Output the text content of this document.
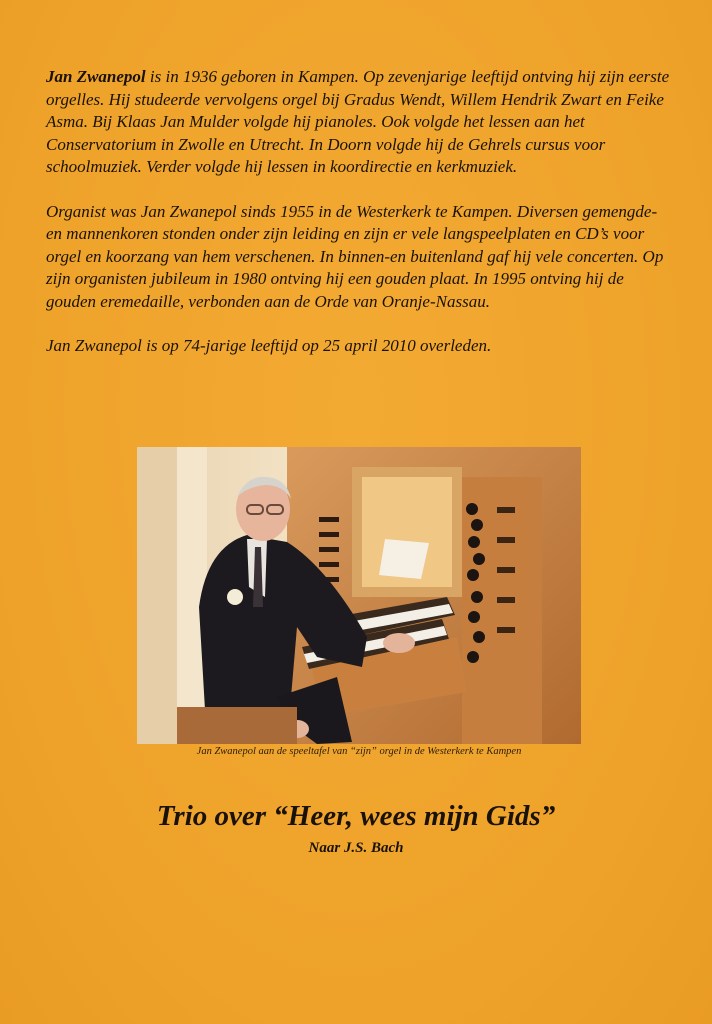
Jan Zwanepol is in 1936 geboren in Kampen. Op zevenjarige leeftijd ontving hij zijn eerste orgelles. Hij studeerde vervolgens orgel bij Gradus Wendt, Willem Hendrik Zwart en Feike Asma. Bij Klaas Jan Mulder volgde hij pianoles. Ook volgde het lessen aan het Conservatorium in Zwolle en Utrecht. In Doorn volgde hij de Gehrels cursus voor schoolmuziek. Verder volgde hij lessen in koordirectie en kerkmuziek.

Organist was Jan Zwanepol sinds 1955 in de Westerkerk te Kampen. Diversen gemengde- en mannenkoren stonden onder zijn leiding en zijn er vele langspeelplaten en CD’s voor orgel en koorzang van hem verschenen. In binnen-en buitenland gaf hij vele concerten. Op zijn organisten jubileum in 1980 ontving hij een gouden plaat. In 1995 ontving hij de gouden eremedaille, verbonden aan de Orde van Oranje-Nassau.

Jan Zwanepol is op 74-jarige leeftijd op 25 april 2010 overleden.

Jan Zwanepol aan de speeltafel van “zijn” orgel in de Westerkerk te Kampen
Trio over “Heer, wees mijn Gids”
Naar J.S. Bach
